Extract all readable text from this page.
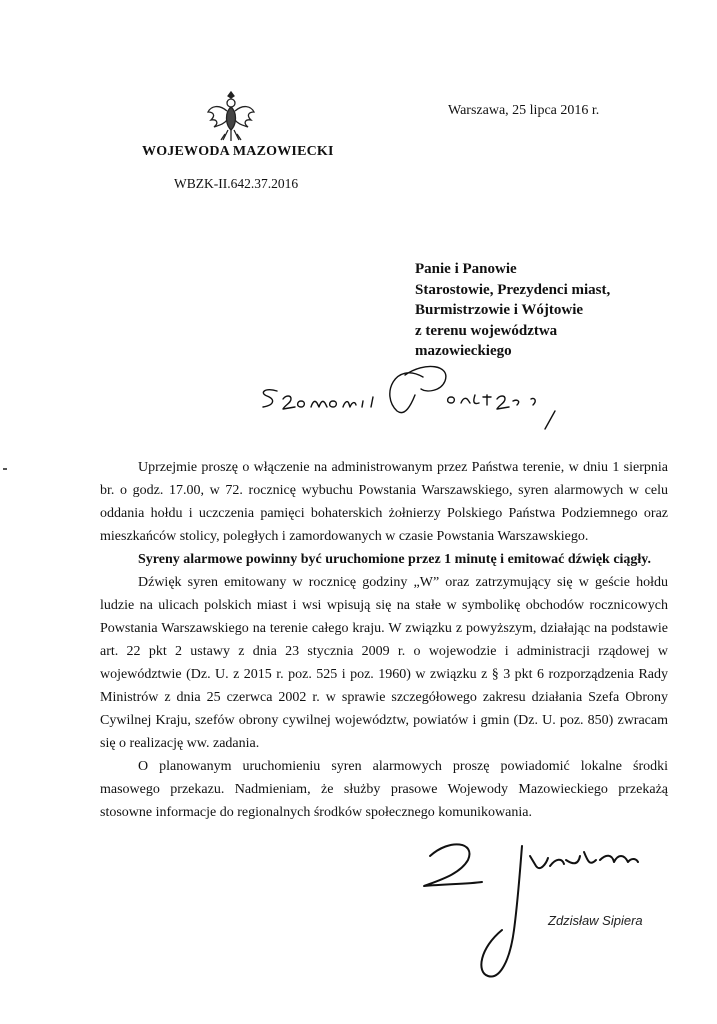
WOJEWODA MAZOWIECKI
WBZK-II.642.37.2016
Warszawa, 25 lipca 2016 r.
Panie i Panowie
Starostowie, Prezydenci miast,
Burmistrzowie i Wójtowie
z terenu województwa
mazowieckiego

Uprzejmie proszę o włączenie na administrowanym przez Państwa terenie, w dniu 1 sierpnia br. o godz. 17.00, w 72. rocznicę wybuchu Powstania Warszawskiego, syren alarmowych w celu oddania hołdu i uczczenia pamięci bohaterskich żołnierzy Polskiego Państwa Podziemnego oraz mieszkańców stolicy, poległych i zamordowanych w czasie Powstania Warszawskiego.

Syreny alarmowe powinny być uruchomione przez 1 minutę i emitować dźwięk ciągły.

Dźwięk syren emitowany w rocznicę godziny „W” oraz zatrzymujący się w geście hołdu ludzie na ulicach polskich miast i wsi wpisują się na stałe w symbolikę obchodów rocznicowych Powstania Warszawskiego na terenie całego kraju. W związku z powyższym, działając na podstawie art. 22 pkt 2 ustawy z dnia 23 stycznia 2009 r. o wojewodzie i administracji rządowej w województwie (Dz. U. z 2015 r. poz. 525 i poz. 1960) w związku z § 3 pkt 6 rozporządzenia Rady Ministrów z dnia 25 czerwca 2002 r. w sprawie szczegółowego zakresu działania Szefa Obrony Cywilnej Kraju, szefów obrony cywilnej województw, powiatów i gmin (Dz. U. poz. 850) zwracam się o realizację ww. zadania.

O planowanym uruchomieniu syren alarmowych proszę powiadomić lokalne środki masowego przekazu. Nadmieniam, że służby prasowe Wojewody Mazowieckiego przekażą stosowne informacje do regionalnych środków społecznego komunikowania.

Zdzisław Sipiera
